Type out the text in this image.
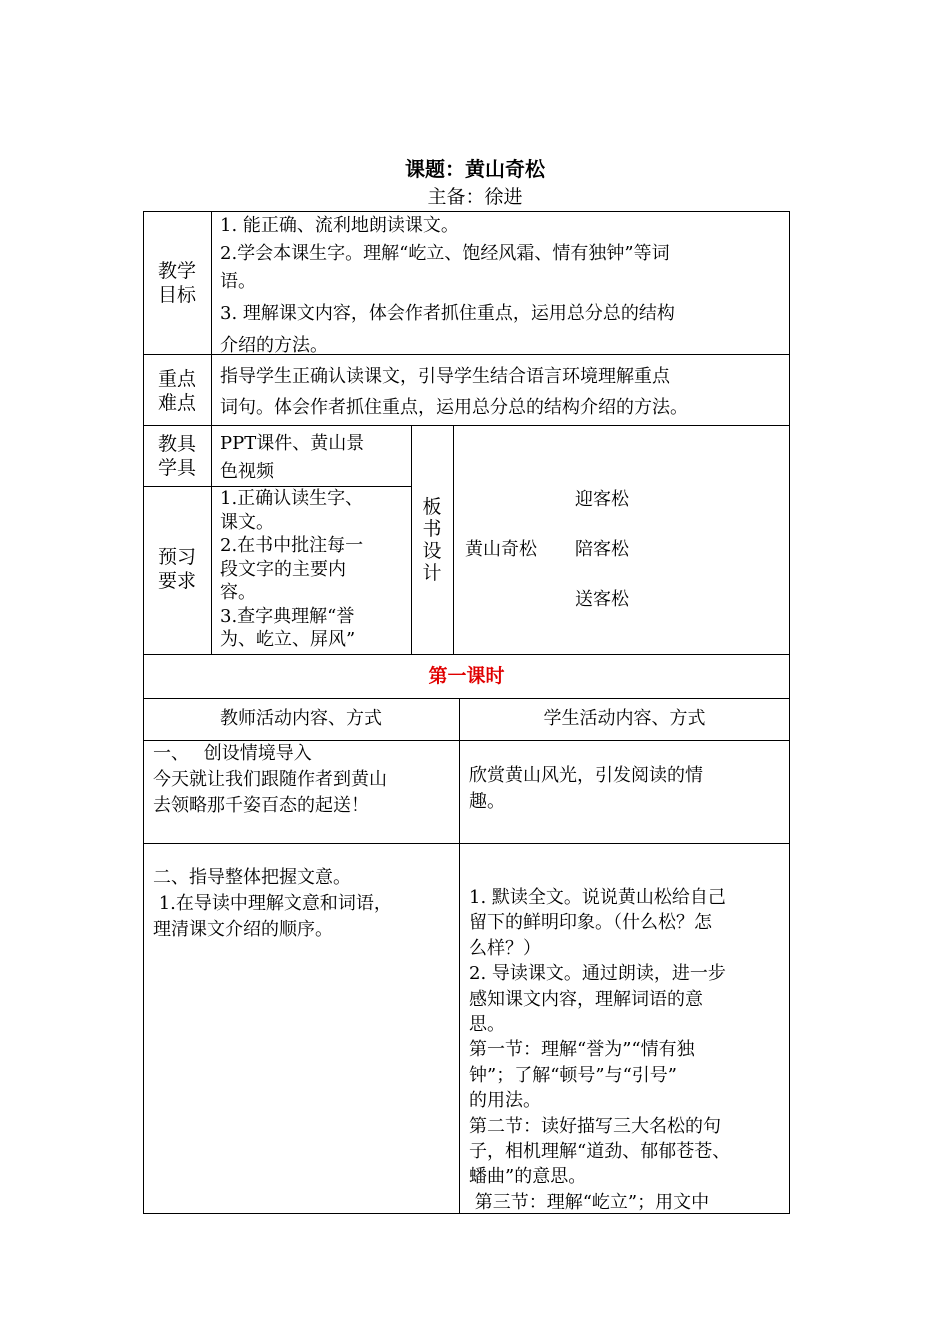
课题：黄山奇松
主备：徐进
教学
目标
1. 能正确、流利地朗读课文。
2.学会本课生字。理解“屹立、饱经风霜、情有独钟”等词
语。
3. 理解课文内容，体会作者抓住重点，运用总分总的结构
介绍的方法。
重点
难点
指导学生正确认读课文，引导学生结合语言环境理解重点
词句。体会作者抓住重点，运用总分总的结构介绍的方法。
教具
学具
PPT课件、黄山景
色视频
预习
要求
1.正确认读生字、
课文。
2.在书中批注每一
段文字的主要内
容。
3.查字典理解“誉
为、屹立、屏风”
板
书
设
计
黄山奇松
迎客松
陪客松
送客松
第一课时
教师活动内容、方式	学生活动内容、方式
一、　 创设情境导入
今天就让我们跟随作者到黄山
去领略那千姿百态的起送！
欣赏黄山风光，引发阅读的情
趣。
二、指导整体把握文意。
1.在导读中理解文意和词语，
理清课文介绍的顺序。
1. 默读全文。说说黄山松给自己
留下的鲜明印象。（什么松？怎
么样？）
2. 导读课文。通过朗读，进一步
感知课文内容，理解词语的意
思。
第一节：理解“誉为”“情有独
钟”；了解“顿号”与“引号”
的用法。
第二节：读好描写三大名松的句
子，相机理解“道劲、郁郁苍苍、
蟠曲”的意思。
第三节：理解“屹立”；用文中
